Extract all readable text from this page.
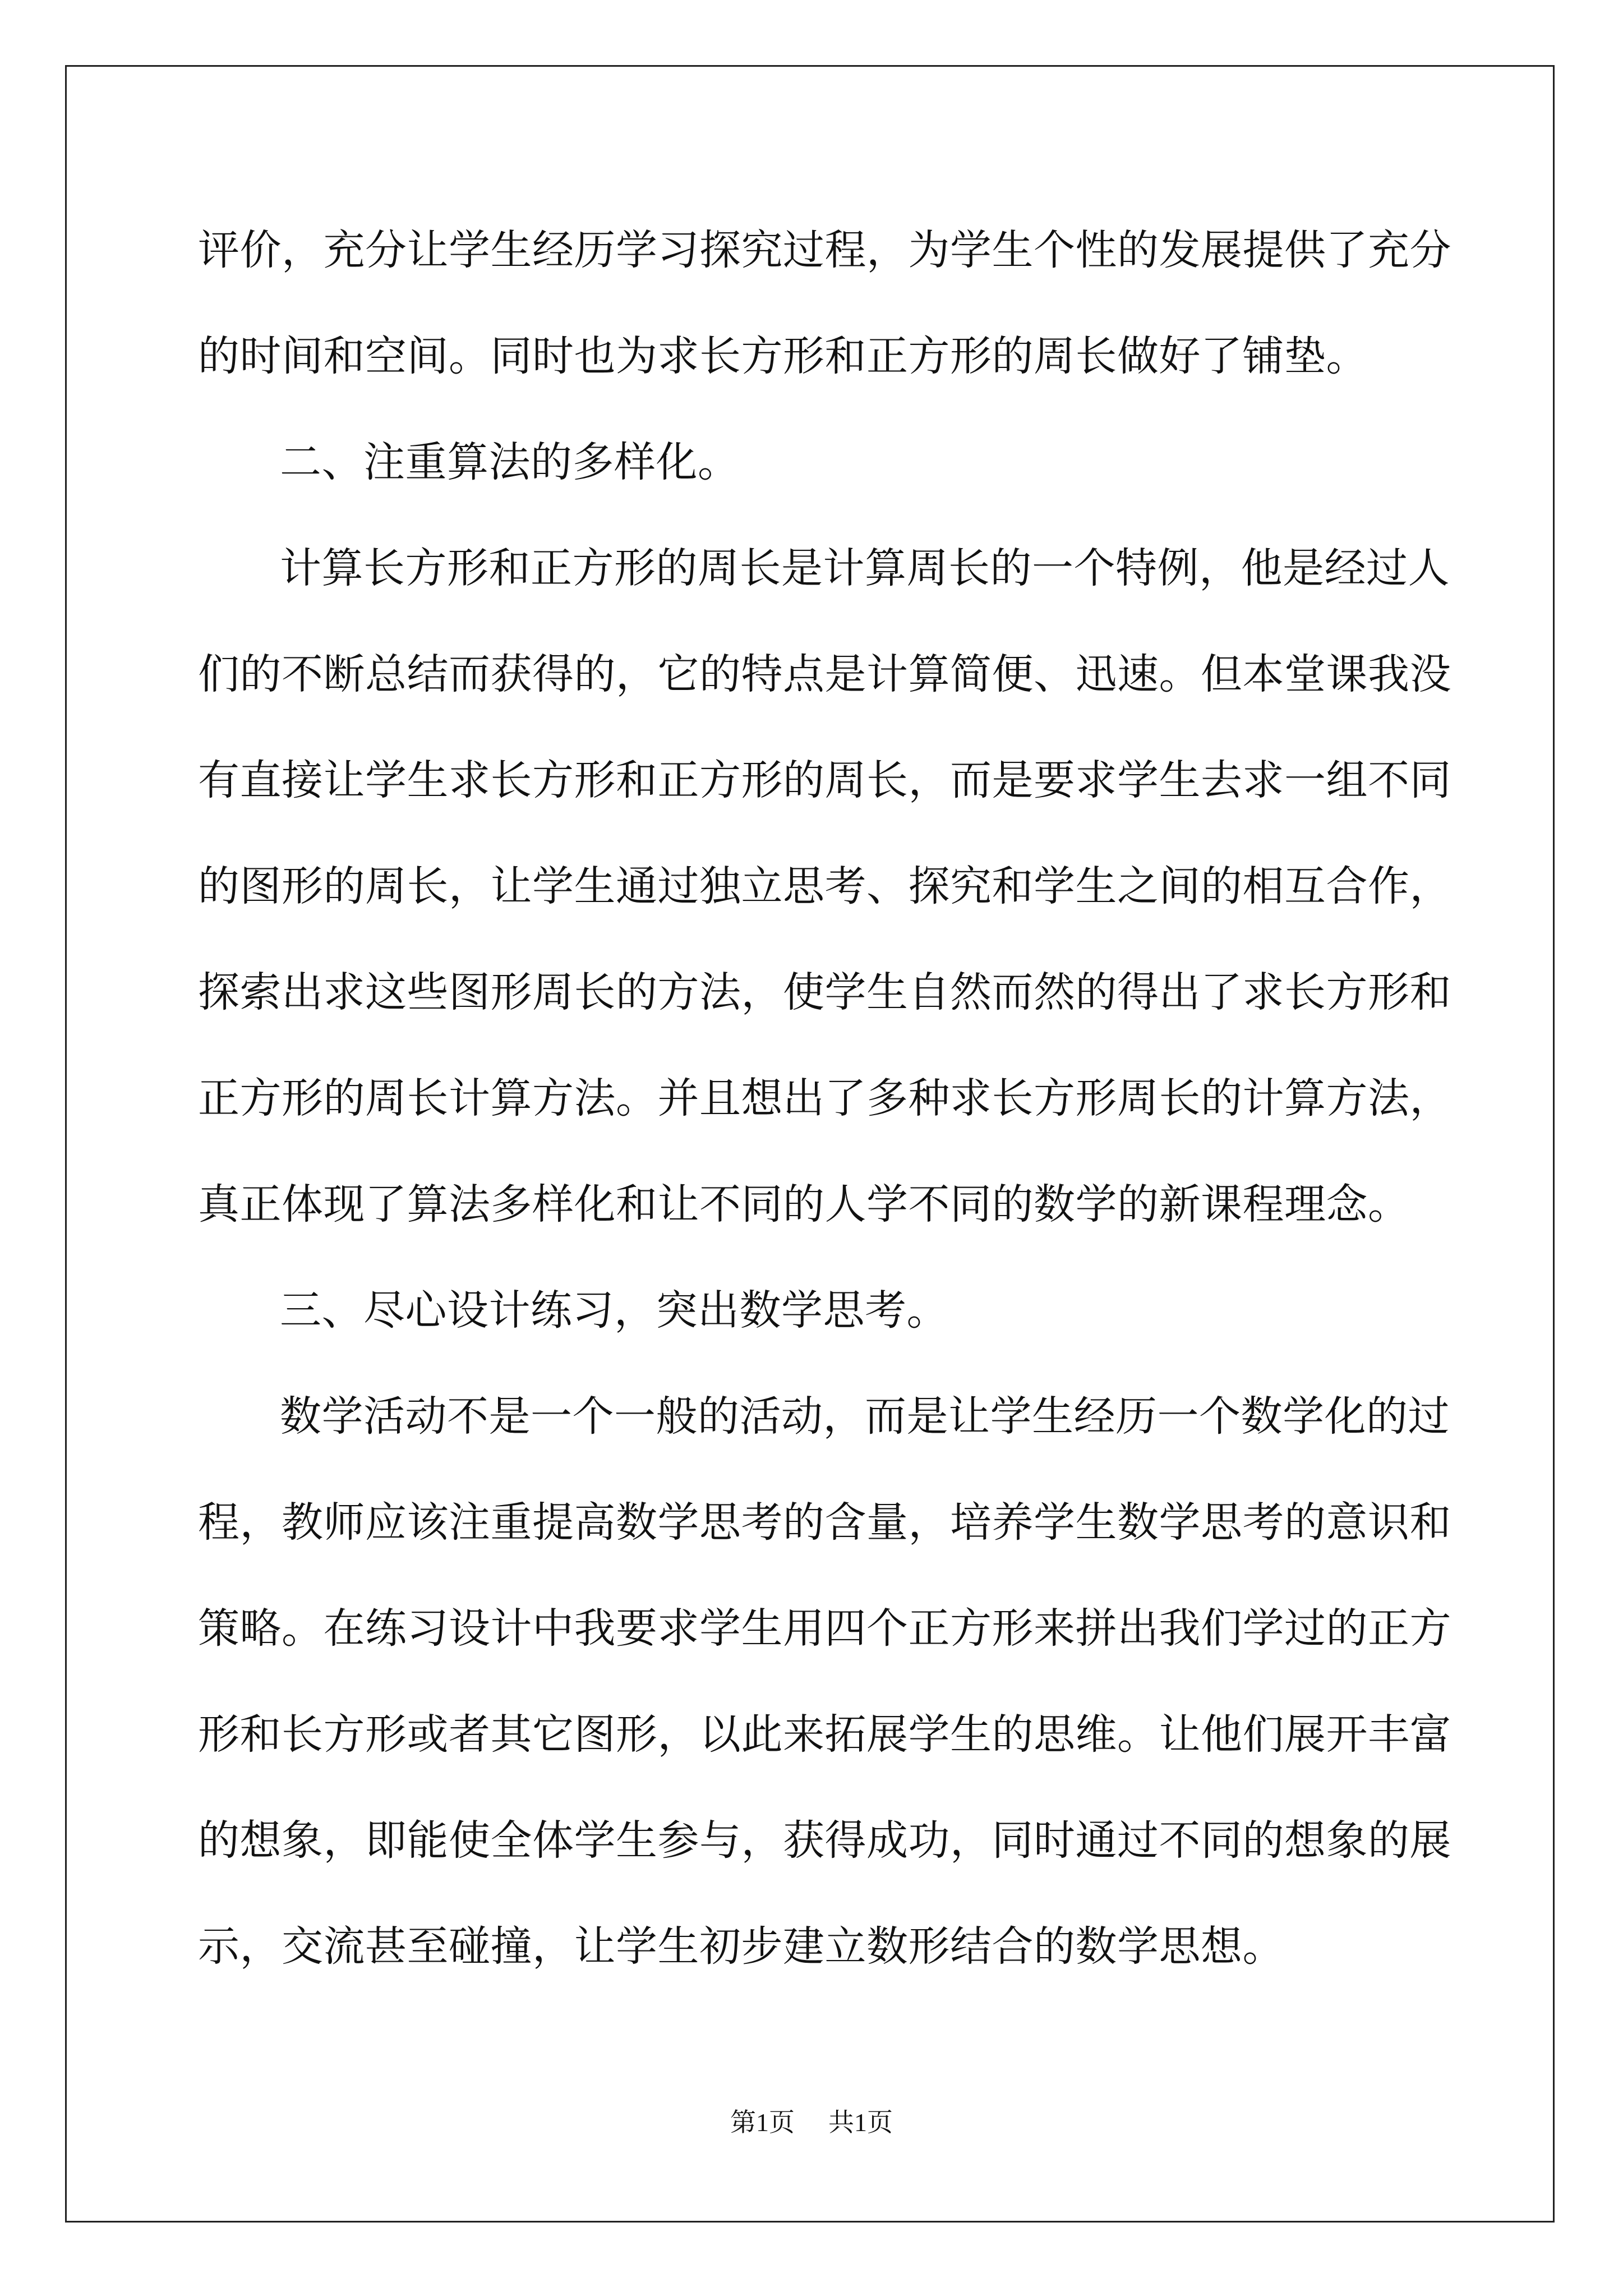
评价，充分让学生经历学习探究过程，为学生个性的发展提供了充分
的时间和空间。同时也为求长方形和正方形的周长做好了铺垫。
二、注重算法的多样化。
计算长方形和正方形的周长是计算周长的一个特例，他是经过人
们的不断总结而获得的，它的特点是计算简便、迅速。但本堂课我没
有直接让学生求长方形和正方形的周长，而是要求学生去求一组不同
的图形的周长，让学生通过独立思考、探究和学生之间的相互合作，
探索出求这些图形周长的方法，使学生自然而然的得出了求长方形和
正方形的周长计算方法。并且想出了多种求长方形周长的计算方法，
真正体现了算法多样化和让不同的人学不同的数学的新课程理念。
三、尽心设计练习，突出数学思考。
数学活动不是一个一般的活动，而是让学生经历一个数学化的过
程，教师应该注重提高数学思考的含量，培养学生数学思考的意识和
策略。在练习设计中我要求学生用四个正方形来拼出我们学过的正方
形和长方形或者其它图形，以此来拓展学生的思维。让他们展开丰富
的想象，即能使全体学生参与，获得成功，同时通过不同的想象的展
示，交流甚至碰撞，让学生初步建立数形结合的数学思想。
第1页 共1页
